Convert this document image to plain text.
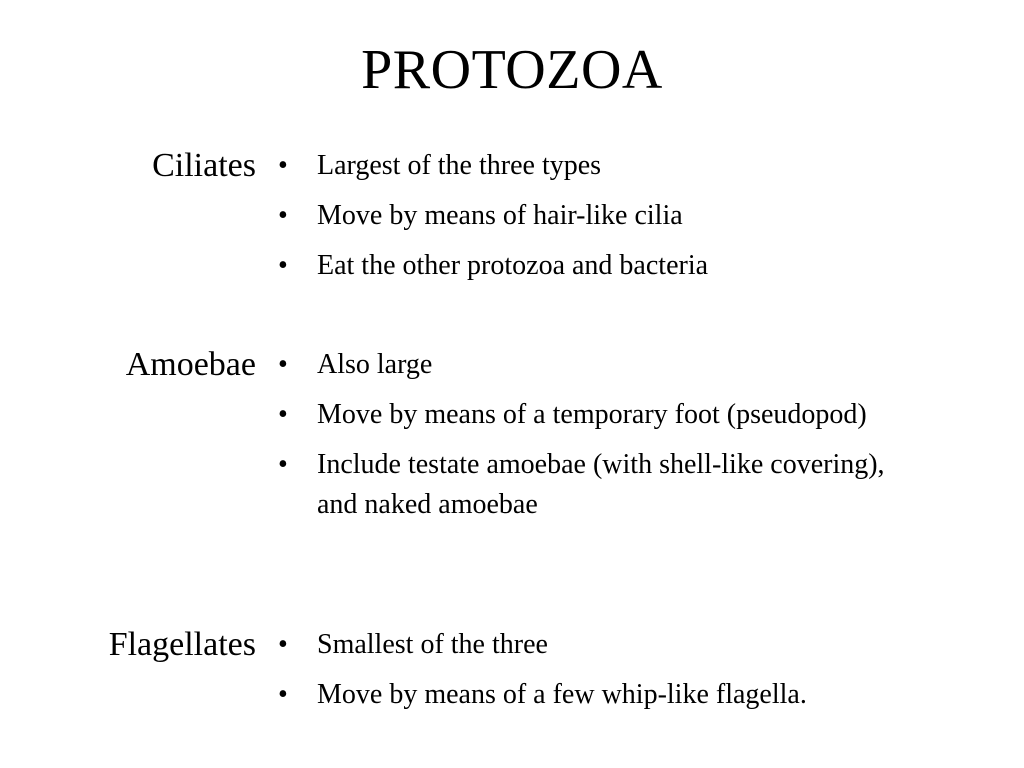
PROTOZOA
Ciliates • Largest of the three types
• Move by means of hair-like cilia
• Eat the other protozoa and bacteria
Amoebae • Also large
• Move by means of a temporary foot (pseudopod)
• Include testate amoebae (with shell-like covering), and naked amoebae
Flagellates • Smallest of the three
• Move by means of a few whip-like flagella.
